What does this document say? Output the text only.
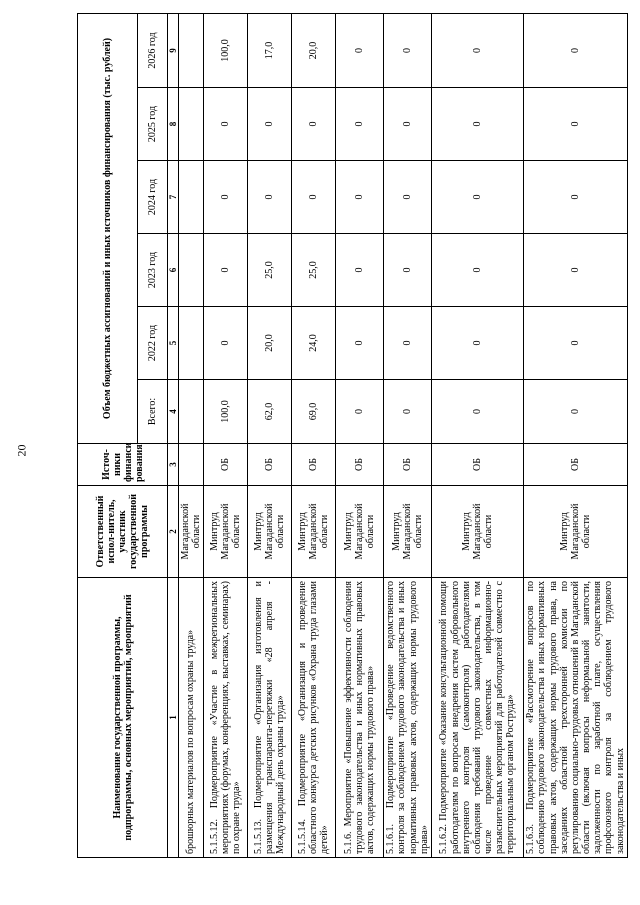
20
Наименование государственной программы, подпрограммы, основных мероприятий, мероприятий	Ответственный испол-нитель, участник государственной программы	Источ-ники финанси рования	Объем бюджетных ассигнований и иных источников финансирования (тыс. рублей)					
			Всего:	2022 год	2023 год	2024 год	2025 год	2026 год
1	2	3	4	5	6	7	8	9
брошюрных материалов по вопросам охраны труда»	Магаданской области							
5.1.5.12. Подмероприятие «Участие в межрегиональных мероприятиях (форумах, конференциях, выставках, семинарах) по охране труда»	Минтруд Магаданской области	ОБ	100,0	0	0	0	0	100,0
5.1.5.13. Подмероприятие «Организация изготовления и размещения транспаранта-перетяжки «28 апреля - Международный день охраны труда»	Минтруд Магаданской области	ОБ	62,0	20,0	25,0	0	0	17,0
5.1.5.14. Подмероприятие «Организация и проведение областного конкурса детских рисунков «Охрана труда глазами детей»	Минтруд Магаданской области	ОБ	69,0	24,0	25,0	0	0	20,0
5.1.6. Мероприятие «Повышение эффективности соблюдения трудового законодательства и иных нормативных правовых актов, содержащих нормы трудового права»	Минтруд Магаданской области	ОБ	0	0	0	0	0	0
5.1.6.1. Подмероприятие «Проведение ведомственного контроля за соблюдением трудового законодательства и иных нормативных правовых актов, содержащих нормы трудового права»	Минтруд Магаданской области	ОБ	0	0	0	0	0	0
5.1.6.2. Подмероприятие «Оказание консультационной помощи работодателям по вопросам внедрения систем добровольного внутреннего контроля (самоконтроля) работодателями соблюдения требований трудового законодательства, в том числе проведение совместных информационно-разъяснительных мероприятий для работодателей совместно с территориальным органом Роструда»	Минтруд Магаданской области	ОБ	0	0	0	0	0	0
5.1.6.3. Подмероприятие «Рассмотрение вопросов по соблюдению трудового законодательства и иных нормативных правовых актов, содержащих нормы трудового права, на заседаниях областной трехсторонней комиссии по регулированию социально-трудовых отношений в Магаданской области (включая вопросы неформальной занятости, задолженности по заработной плате, осуществления профсоюзного контроля за соблюдением трудового законодательства и иных	Минтруд Магаданской области	ОБ	0	0	0	0	0	0
